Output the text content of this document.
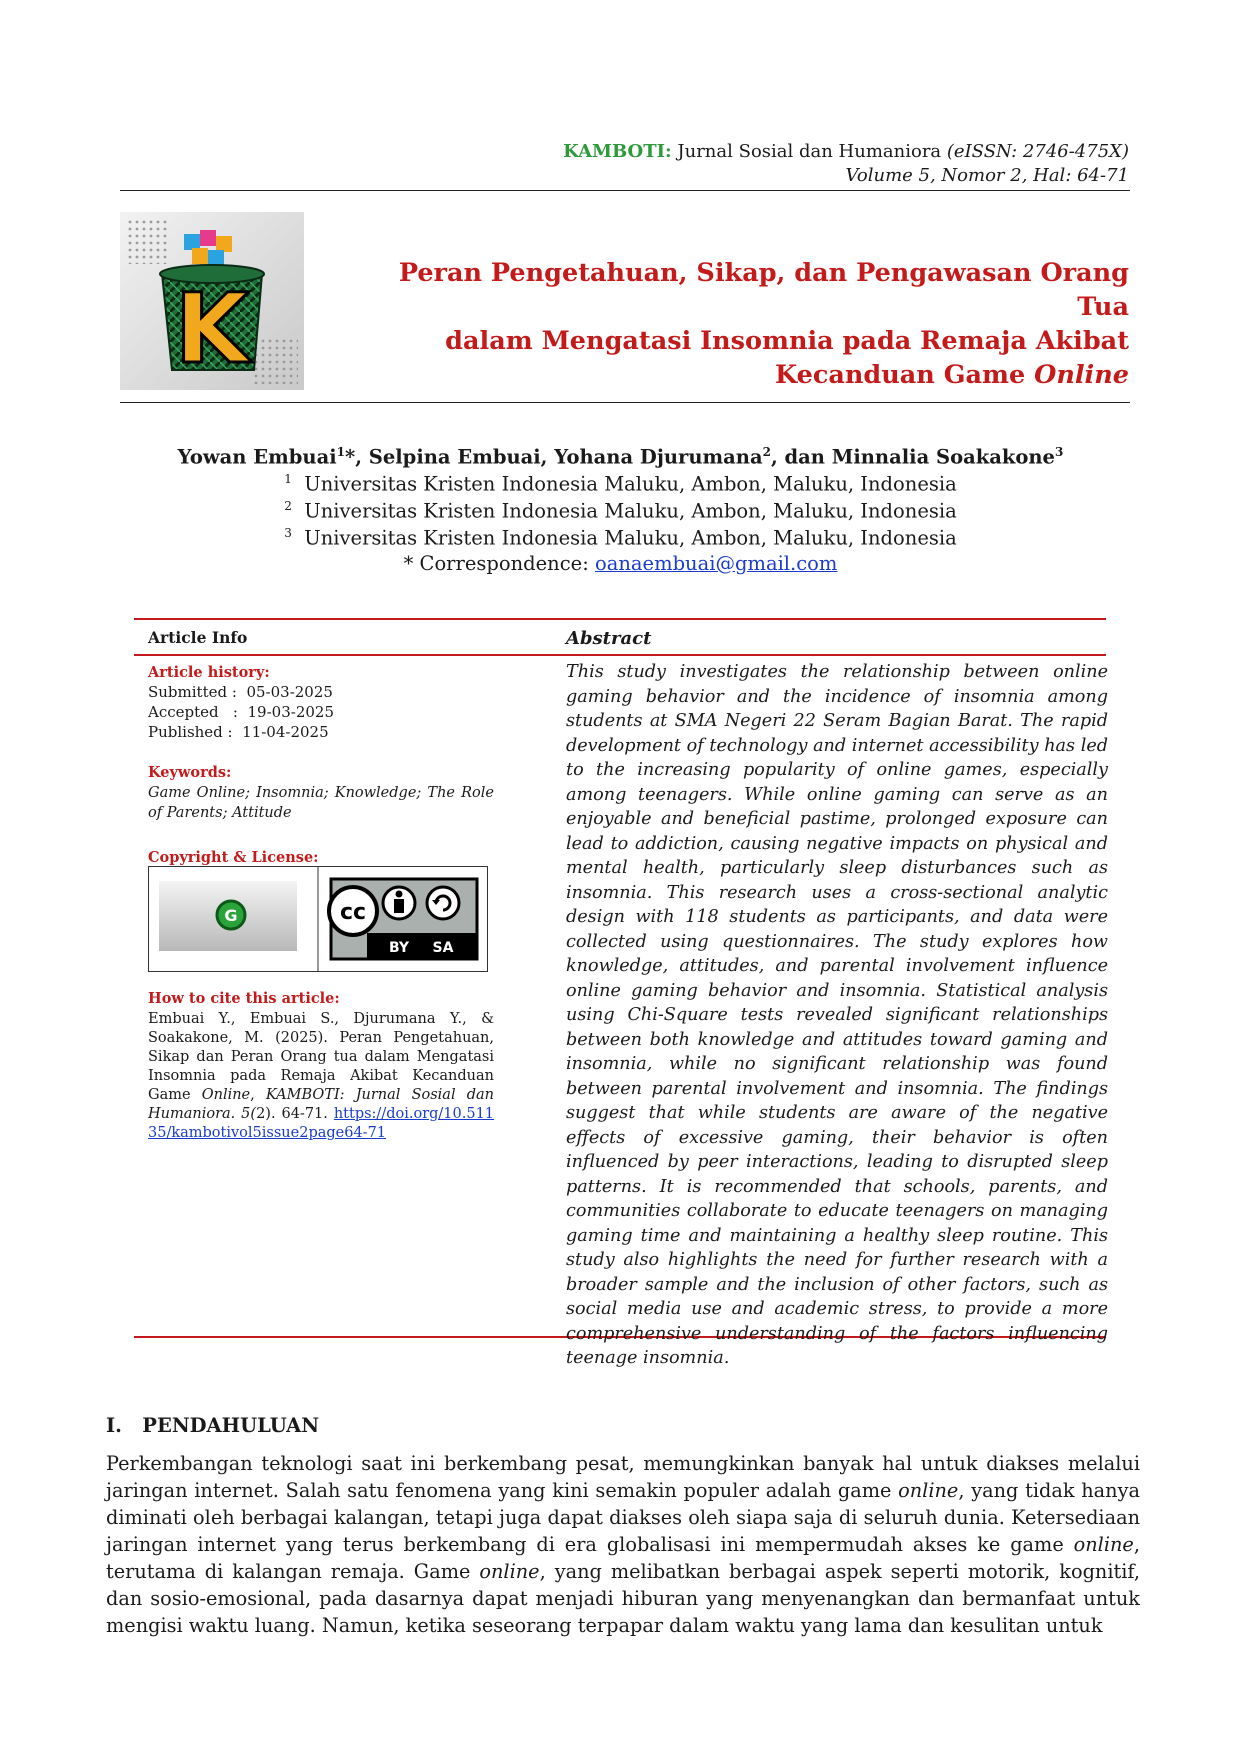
KAMBOTI: Jurnal Sosial dan Humaniora (eISSN: 2746-475X)
Volume 5, Nomor 2, Hal: 64-71
K	Peran Pengetahuan, Sikap, dan Pengawasan Orang Tua
dalam Mengatasi Insomnia pada Remaja Akibat
Kecanduan Game Online
Yowan Embuai$^1$*, Selpina Embuai, Yohana Djurumana$^2$, dan Minnalia Soakakone$^3$
$^1$ Universitas Kristen Indonesia Maluku, Ambon, Maluku, Indonesia
$^2$ Universitas Kristen Indonesia Maluku, Ambon, Maluku, Indonesia
$^3$ Universitas Kristen Indonesia Maluku, Ambon, Maluku, Indonesia
* Correspondence: oanaembuai@gmail.com
Article Info
Article history:
Submitted :  05-03-2025
Accepted   :  19-03-2025
Published :  11-04-2025
Keywords:
Game Online; Insomnia; Knowledge; The Role of Parents; Attitude
Copyright & License:
G	cc
BY SA
How to cite this article:
Embuai Y., Embuai S., Djurumana Y., & Soakakone, M. (2025). Peran Pengetahuan, Sikap dan Peran Orang tua dalam Mengatasi Insomnia pada Remaja Akibat Kecanduan Game Online, KAMBOTI: Jurnal Sosial dan Humaniora. 5(2). 64-71. https://doi.org/10.51135/kambotivol5issue2page64-71
Abstract
This study investigates the relationship between online gaming behavior and the incidence of insomnia among students at SMA Negeri 22 Seram Bagian Barat. The rapid development of technology and internet accessibility has led to the increasing popularity of online games, especially among teenagers. While online gaming can serve as an enjoyable and beneficial pastime, prolonged exposure can lead to addiction, causing negative impacts on physical and mental health, particularly sleep disturbances such as insomnia. This research uses a cross-sectional analytic design with 118 students as participants, and data were collected using questionnaires. The study explores how knowledge, attitudes, and parental involvement influence online gaming behavior and insomnia. Statistical analysis using Chi-Square tests revealed significant relationships between both knowledge and attitudes toward gaming and insomnia, while no significant relationship was found between parental involvement and insomnia. The findings suggest that while students are aware of the negative effects of excessive gaming, their behavior is often influenced by peer interactions, leading to disrupted sleep patterns. It is recommended that schools, parents, and communities collaborate to educate teenagers on managing gaming time and maintaining a healthy sleep routine. This study also highlights the need for further research with a broader sample and the inclusion of other factors, such as social media use and academic stress, to provide a more comprehensive understanding of the factors influencing teenage insomnia.
I. PENDAHULUAN
Perkembangan teknologi saat ini berkembang pesat, memungkinkan banyak hal untuk diakses melalui jaringan internet. Salah satu fenomena yang kini semakin populer adalah game online, yang tidak hanya diminati oleh berbagai kalangan, tetapi juga dapat diakses oleh siapa saja di seluruh dunia. Ketersediaan jaringan internet yang terus berkembang di era globalisasi ini mempermudah akses ke game online, terutama di kalangan remaja. Game online, yang melibatkan berbagai aspek seperti motorik, kognitif, dan sosio-emosional, pada dasarnya dapat menjadi hiburan yang menyenangkan dan bermanfaat untuk mengisi waktu luang. Namun, ketika seseorang terpapar dalam waktu yang lama dan kesulitan untuk
